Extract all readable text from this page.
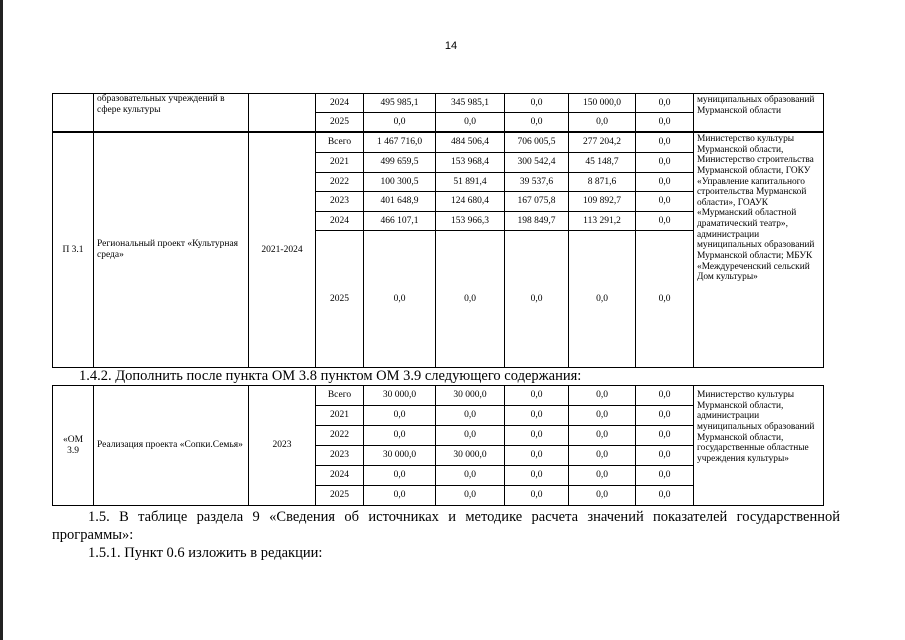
14
	образовательных учреждений в сфере культуры		2024	495 985,1	345 985,1	0,0	150 000,0	0,0	муниципальных образований Мурманской области
			2025	0,0	0,0	0,0	0,0	0,0	
П 3.1	Региональный проект «Культурная среда»	2021-2024	Всего	1 467 716,0	484 506,4	706 005,5	277 204,2	0,0	Министерство культуры Мурманской области, Министерство строительства Мурманской области, ГОКУ «Управление капитального строительства Мурманской области», ГОАУК «Мурманский областной драматический театр», администрации муниципальных образований Мурманской области; МБУК «Междуреченский сельский Дом культуры»
			2021	499 659,5	153 968,4	300 542,4	45 148,7	0,0	
			2022	100 300,5	51 891,4	39 537,6	8 871,6	0,0	
			2023	401 648,9	124 680,4	167 075,8	109 892,7	0,0	
			2024	466 107,1	153 966,3	198 849,7	113 291,2	0,0	
			2025	0,0	0,0	0,0	0,0	0,0	
1.4.2. Дополнить после пункта ОМ 3.8 пунктом ОМ 3.9 следующего содержания:
«ОМ 3.9	Реализация проекта «Сопки.Семья»	2023	Всего	30 000,0	30 000,0	0,0	0,0	0,0	Министерство культуры Мурманской области, администрации муниципальных образований Мурманской области, государственные областные учреждения культуры»
			2021	0,0	0,0	0,0	0,0	0,0	
			2022	0,0	0,0	0,0	0,0	0,0	
			2023	30 000,0	30 000,0	0,0	0,0	0,0	
			2024	0,0	0,0	0,0	0,0	0,0	
			2025	0,0	0,0	0,0	0,0	0,0	
1.5. В таблице раздела 9 «Сведения об источниках и методике расчета значений показателей государственной
программы»:
1.5.1. Пункт 0.6 изложить в редакции:
